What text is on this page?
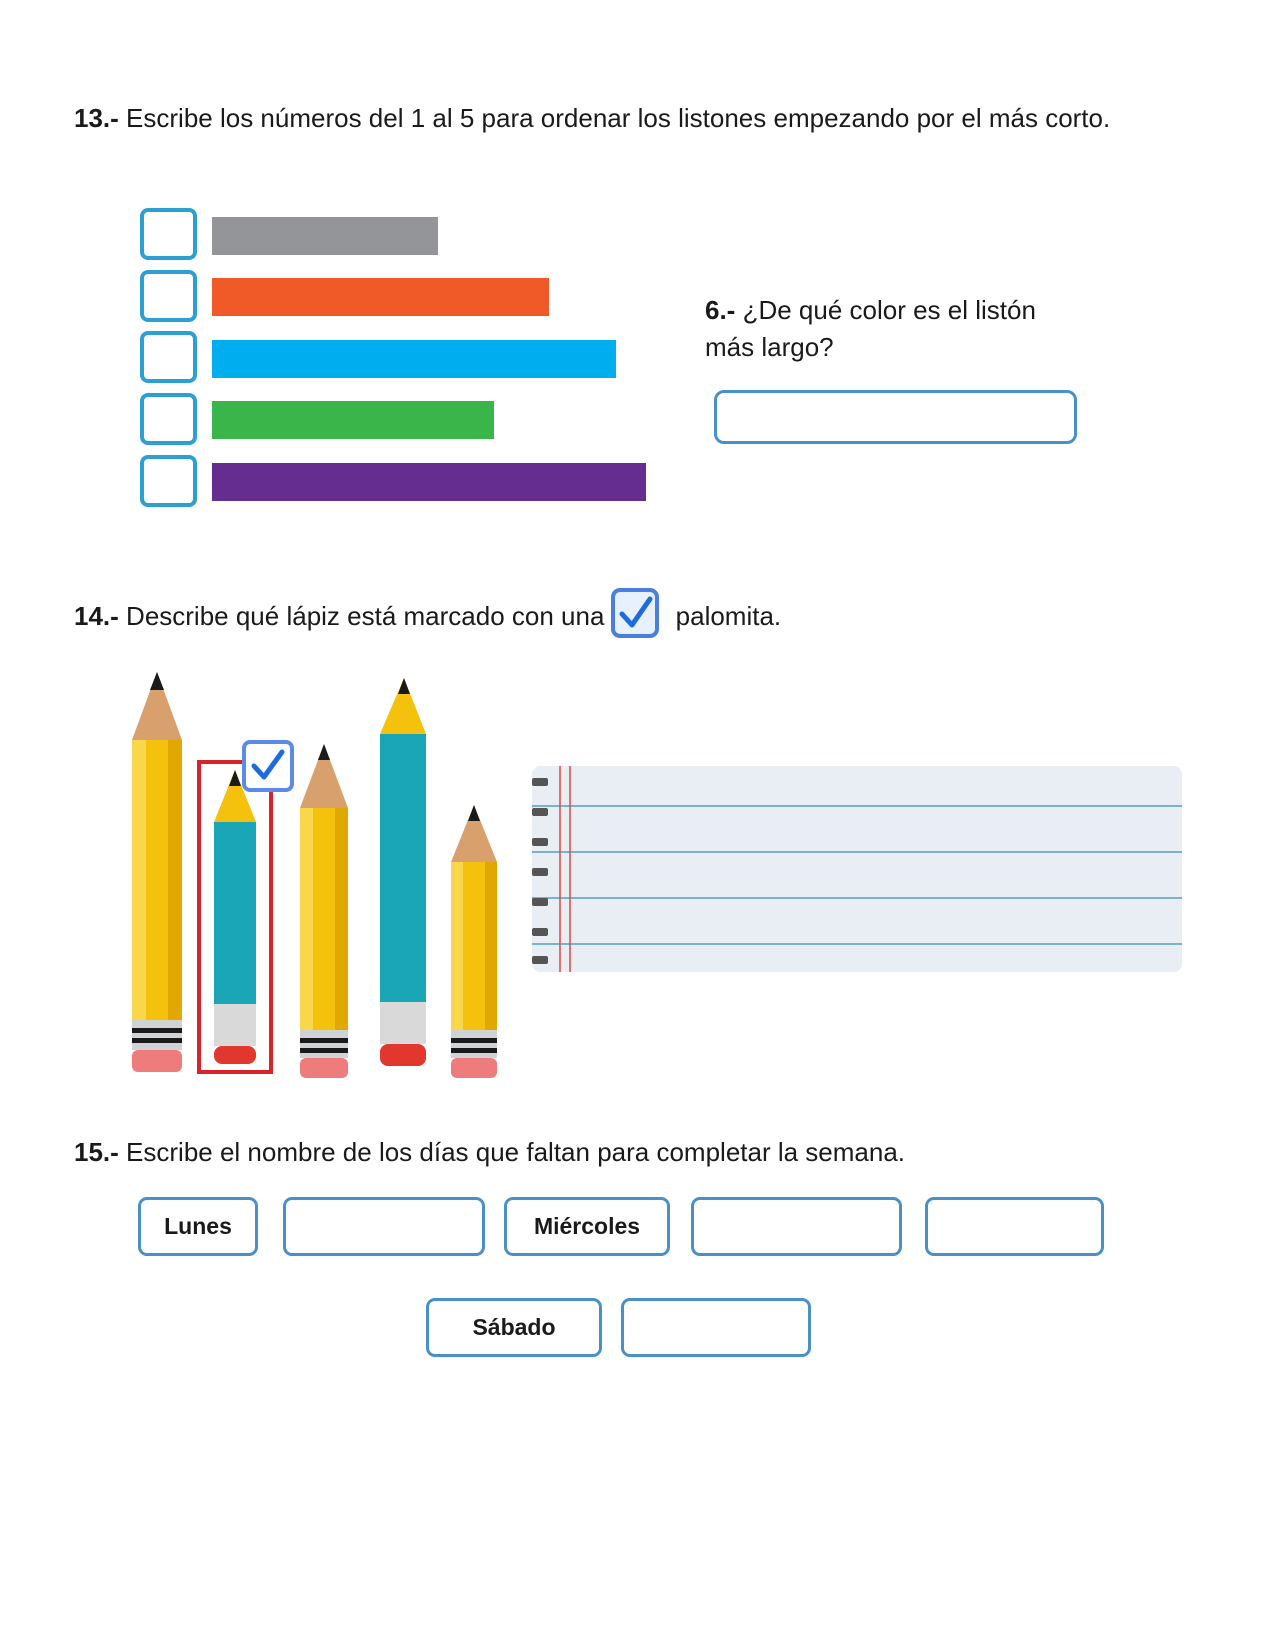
13.- Escribe los números del 1 al 5 para ordenar los listones empezando por el más corto.

6.- ¿De qué color es el listón más largo?

14.- Describe qué lápiz está marcado con una palomita.

15.- Escribe el nombre de los días que faltan para completar la semana.

Lunes	Miércoles
Sábado
